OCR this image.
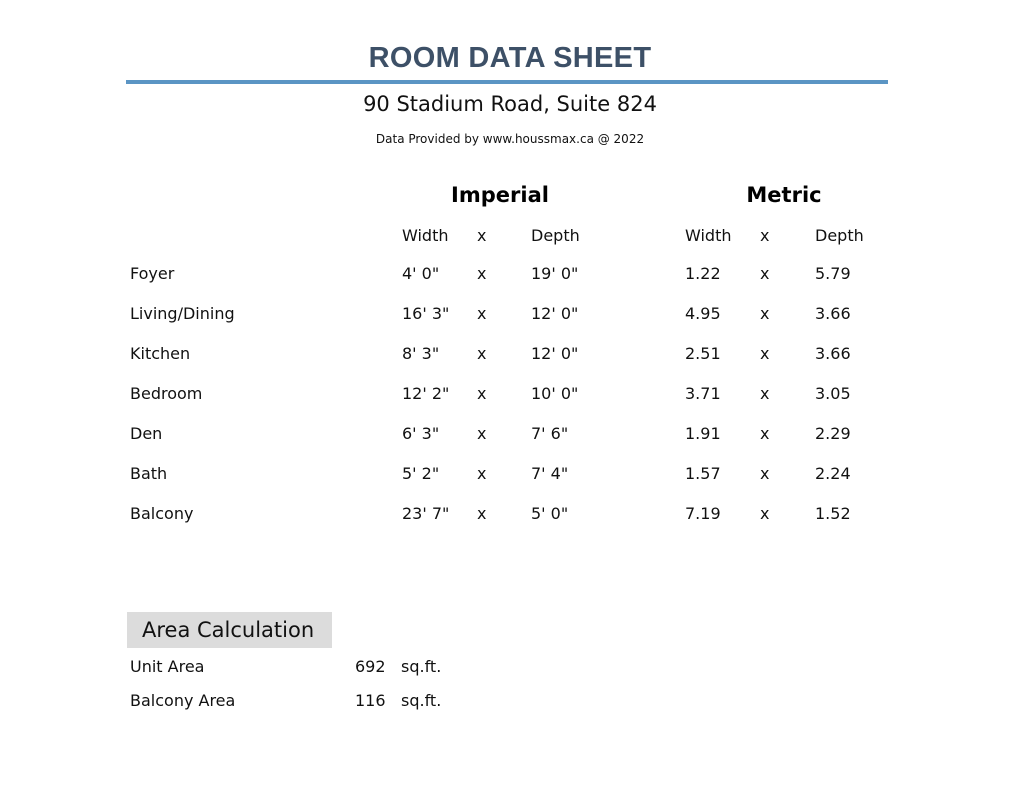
ROOM DATA SHEET
90 Stadium Road, Suite 824
Data Provided by www.houssmax.ca @ 2022
Imperial	Metric
Width x	Depth	Width x	Depth
Foyer	4' 0" x	19' 0"	1.22 x	5.79
Living/Dining	16' 3" x	12' 0"	4.95 x	3.66
Kitchen	8' 3" x	12' 0"	2.51 x	3.66
Bedroom	12' 2" x	10' 0"	3.71 x	3.05
Den	6' 3" x	7' 6"	1.91 x	2.29
Bath	5' 2" x	7' 4"	1.57 x	2.24
Balcony	23' 7" x	5' 0"	7.19 x	1.52
Area Calculation
Unit Area	692 sq.ft.
Balcony Area	116 sq.ft.
